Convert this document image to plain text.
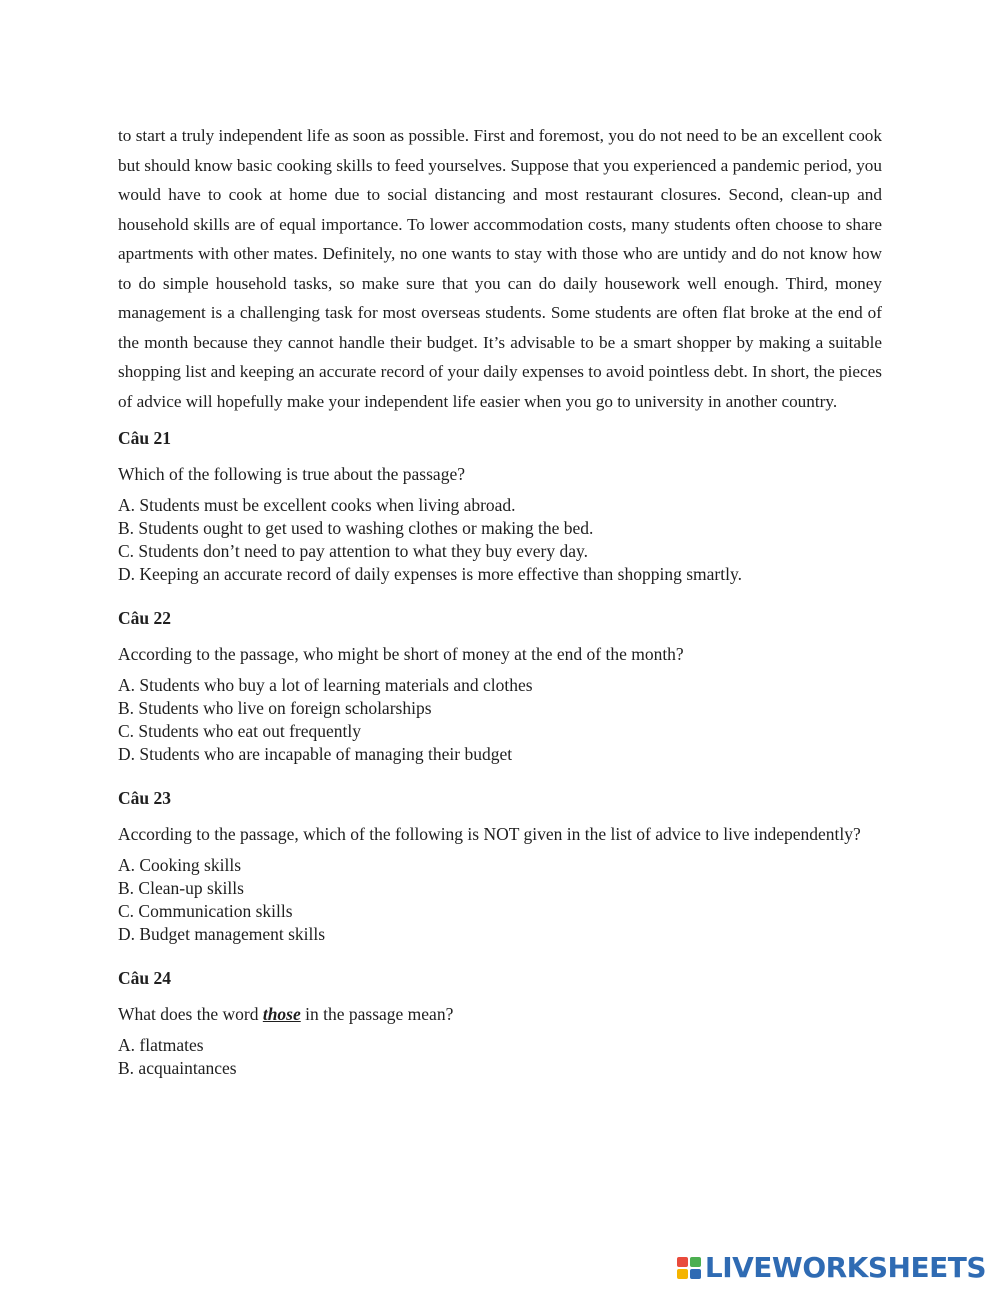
to start a truly independent life as soon as possible. First and foremost, you do not need to be an excellent cook but should know basic cooking skills to feed yourselves. Suppose that you experienced a pandemic period, you would have to cook at home due to social distancing and most restaurant closures. Second, clean-up and household skills are of equal importance. To lower accommodation costs, many students often choose to share apartments with other mates. Definitely, no one wants to stay with those who are untidy and do not know how to do simple household tasks, so make sure that you can do daily housework well enough. Third, money management is a challenging task for most overseas students. Some students are often flat broke at the end of the month because they cannot handle their budget. It’s advisable to be a smart shopper by making a suitable shopping list and keeping an accurate record of your daily expenses to avoid pointless debt. In short, the pieces of advice will hopefully make your independent life easier when you go to university in another country.

Câu 21
Which of the following is true about the passage?
A. Students must be excellent cooks when living abroad.
B. Students ought to get used to washing clothes or making the bed.
C. Students don’t need to pay attention to what they buy every day.
D. Keeping an accurate record of daily expenses is more effective than shopping smartly.
Câu 22
According to the passage, who might be short of money at the end of the month?
A. Students who buy a lot of learning materials and clothes
B. Students who live on foreign scholarships
C. Students who eat out frequently
D. Students who are incapable of managing their budget
Câu 23
According to the passage, which of the following is NOT given in the list of advice to live independently?
A. Cooking skills
B. Clean-up skills
C. Communication skills
D. Budget management skills
Câu 24
What does the word those in the passage mean?
A. flatmates
B. acquaintances
LIVEWORKSHEETS
